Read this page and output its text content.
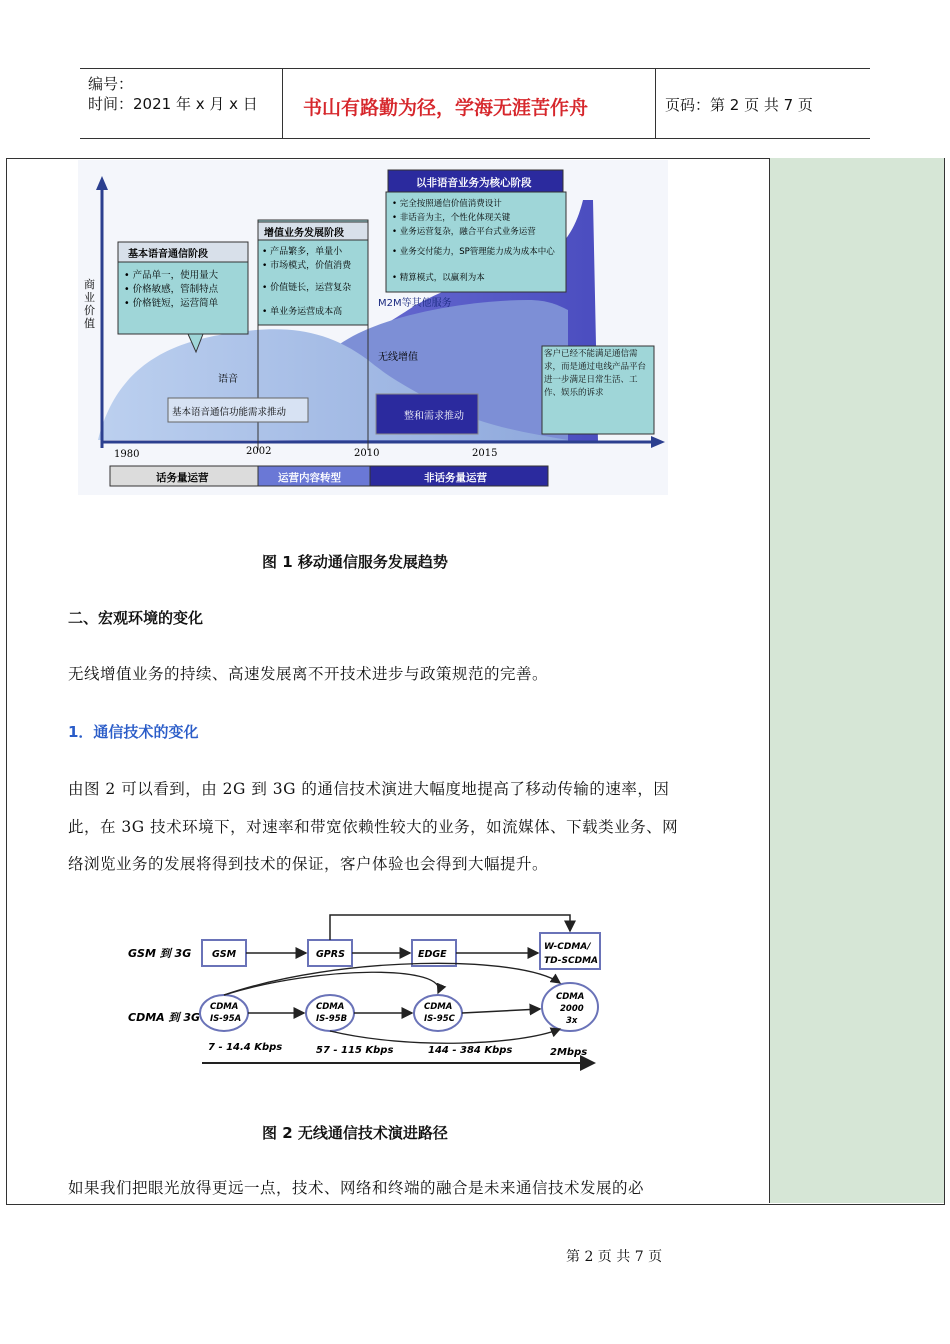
编号：
时间：2021 年 x 月 x 日 书山有路勤为径，学海无涯苦作舟	页码：第 2 页 共 7 页
商业价值
基本语音通信阶段
• 产品单一，使用量大
• 价格敏感，管制特点
• 价格链短，运营简单
增值业务发展阶段
• 产品繁多，单量小
• 市场模式，价值消费
• 价值链长，运营复杂
• 单业务运营成本高
以非语音业务为核心阶段
• 完全按照通信价值消费设计
• 非话音为主，个性化体现关键
• 业务运营复杂，融合平台式业务运营
• 业务交付能力，SP管理能力成为成本中心
• 精算模式，以赢利为本
M2M等其他服务
无线增值
语音
基本语音通信功能需求推动	整和需求推动
客户已经不能满足通信需求，而是通过电线产品平台进一步满足日常生活、工作、娱乐的诉求
1980	2002	2010	2015
话务量运营	运营内容转型	非话务量运营
图 1 移动通信服务发展趋势
二、宏观环境的变化
无线增值业务的持续、高速发展离不开技术进步与政策规范的完善。
1．通信技术的变化
由图 2 可以看到，由 2G 到 3G 的通信技术演进大幅度地提高了移动传输的速率，因
此，在 3G 技术环境下，对速率和带宽依赖性较大的业务，如流媒体、下载类业务、网
络浏览业务的发展将得到技术的保证，客户体验也会得到大幅提升。
GSM 到 3G
CDMA 到 3G
GSM	GPRS	EDGE
W-CDMA/
TD-SCDMA
CDMA
IS-95A
CDMA
IS-95B
CDMA
IS-95C
CDMA
2000
3x
7 - 14.4 Kbps	57 - 115 Kbps	144 - 384 Kbps	2Mbps
图 2 无线通信技术演进路径
如果我们把眼光放得更远一点，技术、网络和终端的融合是未来通信技术发展的必
第 2 页 共 7 页
